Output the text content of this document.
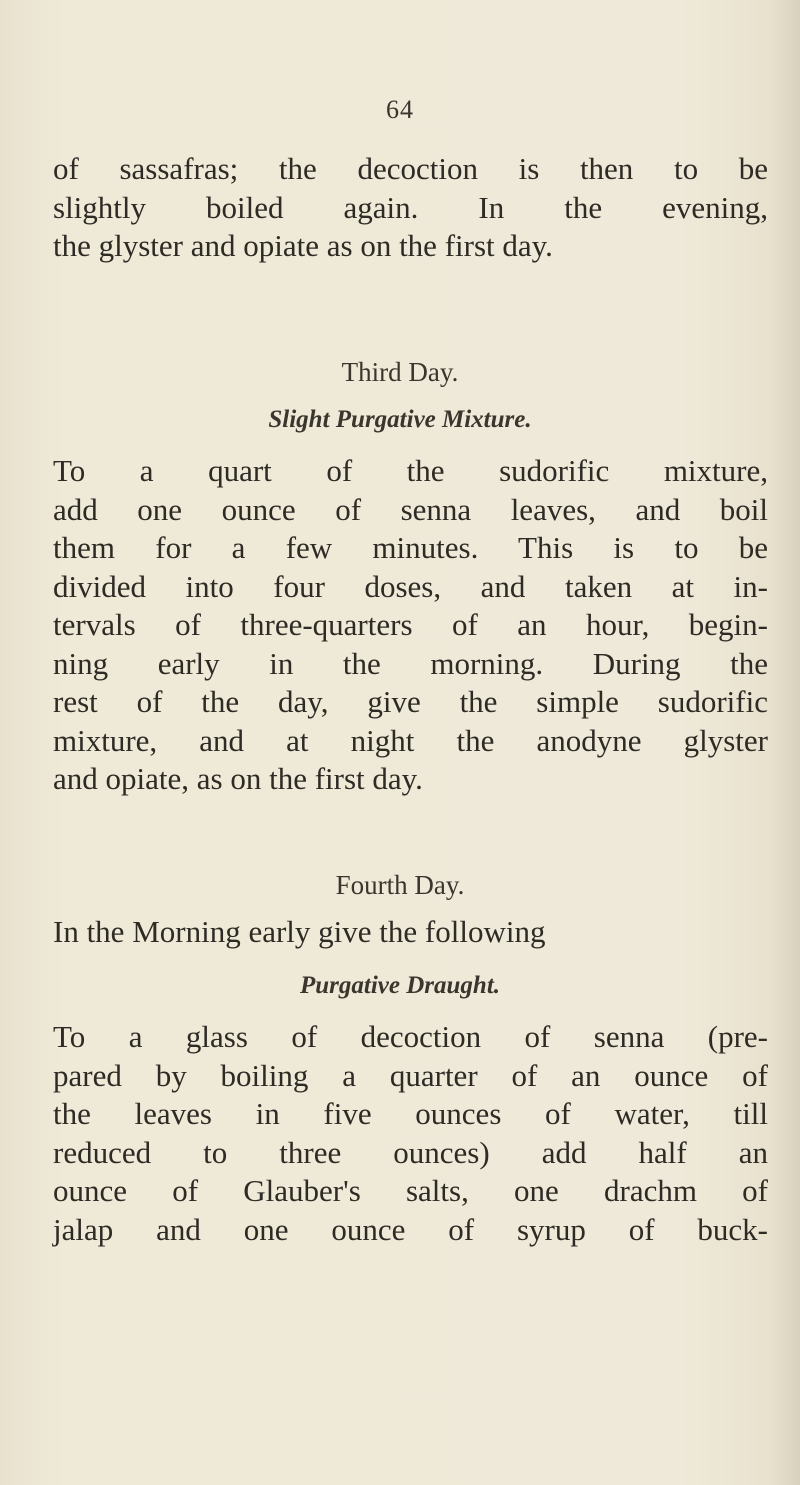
64
of sassafras; the decoction is then to be
slightly boiled again. In the evening,
the glyster and opiate as on the first day.
Third Day.
Slight Purgative Mixture.
To a quart of the sudorific mixture,
add one ounce of senna leaves, and boil
them for a few minutes. This is to be
divided into four doses, and taken at in-
tervals of three-quarters of an hour, begin-
ning early in the morning. During the
rest of the day, give the simple sudorific
mixture, and at night the anodyne glyster
and opiate, as on the first day.
Fourth Day.
In the Morning early give the following
Purgative Draught.
To a glass of decoction of senna (pre-
pared by boiling a quarter of an ounce of
the leaves in five ounces of water, till
reduced to three ounces) add half an
ounce of Glauber's salts, one drachm of
jalap and one ounce of syrup of buck-
